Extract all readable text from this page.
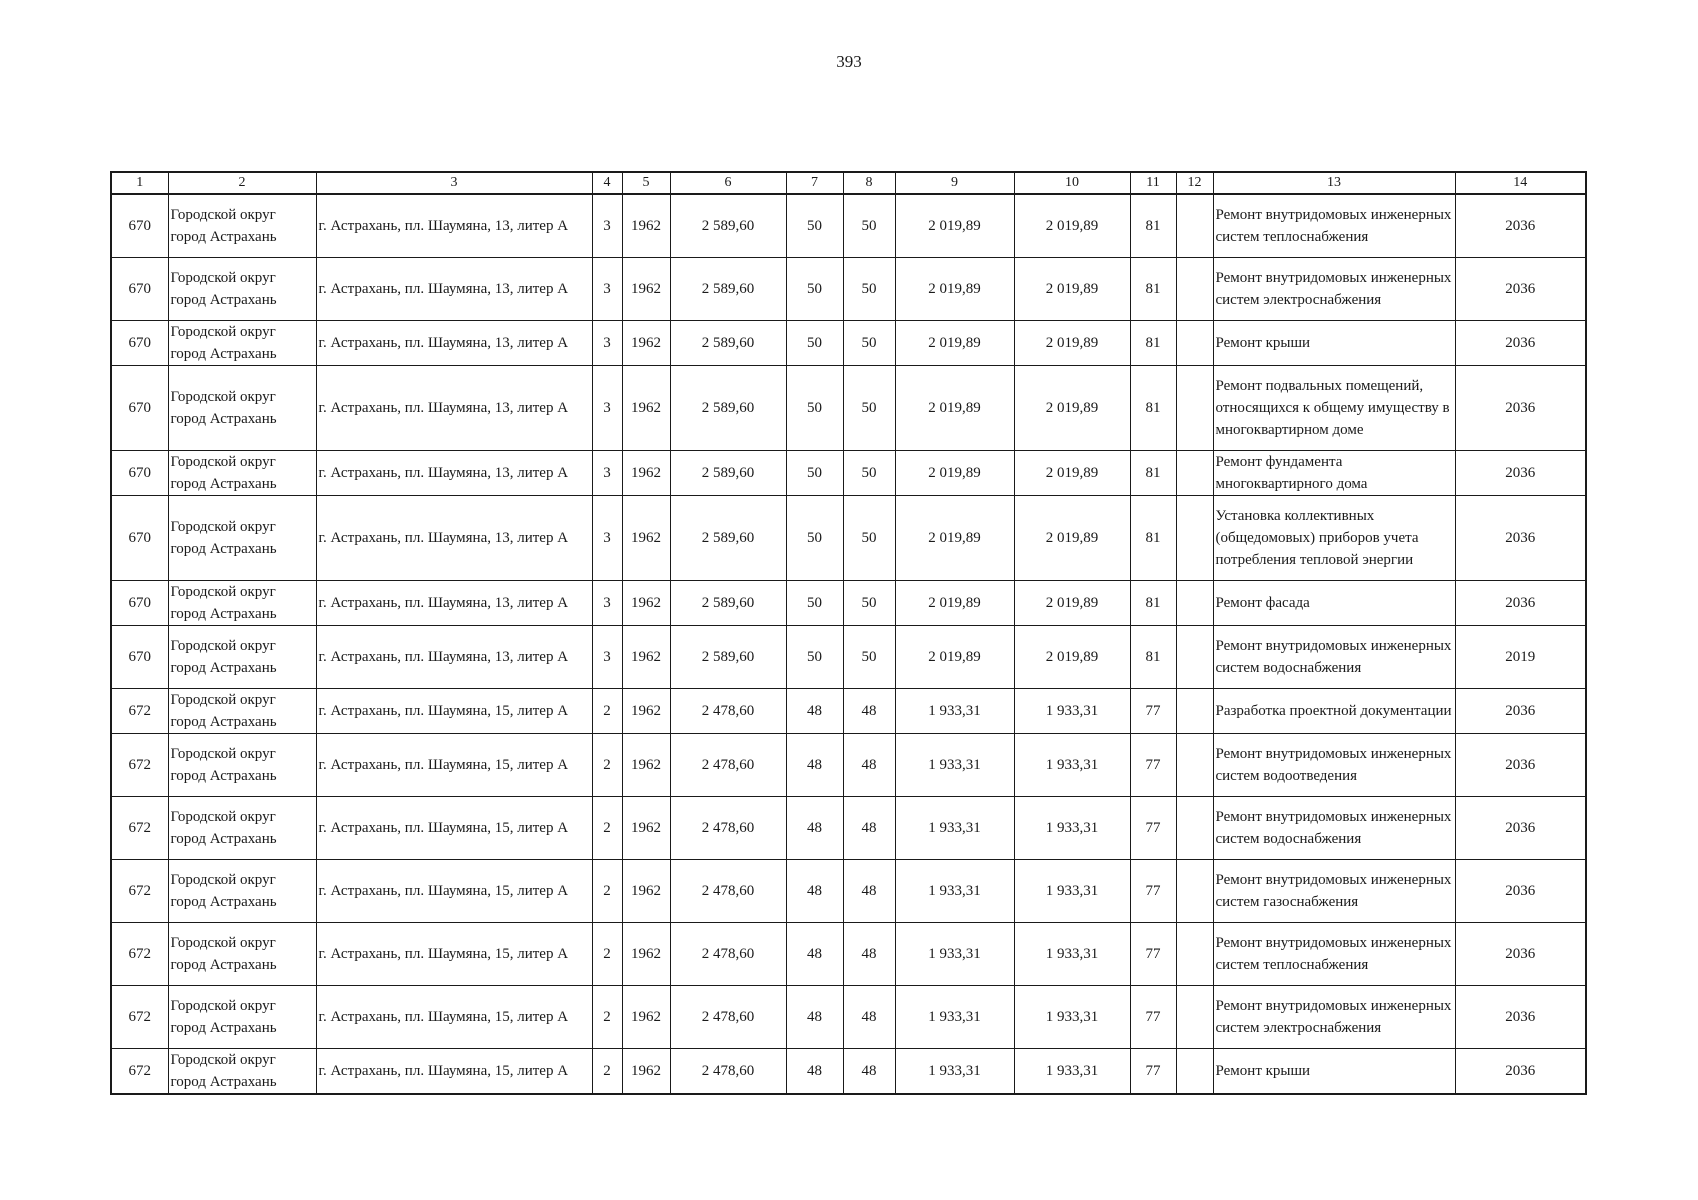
393
1	2	3	4	5	6	7	8	9	10	11	12	13	14
670	Городской округ город Астрахань	г. Астрахань, пл. Шаумяна, 13, литер А	3	1962	2 589,60	50	50	2 019,89	2 019,89	81		Ремонт внутридомовых инженерных систем теплоснабжения	2036
670	Городской округ город Астрахань	г. Астрахань, пл. Шаумяна, 13, литер А	3	1962	2 589,60	50	50	2 019,89	2 019,89	81		Ремонт внутридомовых инженерных систем электроснабжения	2036
670	Городской округ город Астрахань	г. Астрахань, пл. Шаумяна, 13, литер А	3	1962	2 589,60	50	50	2 019,89	2 019,89	81		Ремонт крыши	2036
670	Городской округ город Астрахань	г. Астрахань, пл. Шаумяна, 13, литер А	3	1962	2 589,60	50	50	2 019,89	2 019,89	81		Ремонт подвальных помещений, относящихся к общему имуществу в многоквартирном доме	2036
670	Городской округ город Астрахань	г. Астрахань, пл. Шаумяна, 13, литер А	3	1962	2 589,60	50	50	2 019,89	2 019,89	81		Ремонт фундамента многоквартирного дома	2036
670	Городской округ город Астрахань	г. Астрахань, пл. Шаумяна, 13, литер А	3	1962	2 589,60	50	50	2 019,89	2 019,89	81		Установка коллективных (общедомовых) приборов учета потребления тепловой энергии	2036
670	Городской округ город Астрахань	г. Астрахань, пл. Шаумяна, 13, литер А	3	1962	2 589,60	50	50	2 019,89	2 019,89	81		Ремонт фасада	2036
670	Городской округ город Астрахань	г. Астрахань, пл. Шаумяна, 13, литер А	3	1962	2 589,60	50	50	2 019,89	2 019,89	81		Ремонт внутридомовых инженерных систем водоснабжения	2019
672	Городской округ город Астрахань	г. Астрахань, пл. Шаумяна, 15, литер А	2	1962	2 478,60	48	48	1 933,31	1 933,31	77		Разработка проектной документации	2036
672	Городской округ город Астрахань	г. Астрахань, пл. Шаумяна, 15, литер А	2	1962	2 478,60	48	48	1 933,31	1 933,31	77		Ремонт внутридомовых инженерных систем водоотведения	2036
672	Городской округ город Астрахань	г. Астрахань, пл. Шаумяна, 15, литер А	2	1962	2 478,60	48	48	1 933,31	1 933,31	77		Ремонт внутридомовых инженерных систем водоснабжения	2036
672	Городской округ город Астрахань	г. Астрахань, пл. Шаумяна, 15, литер А	2	1962	2 478,60	48	48	1 933,31	1 933,31	77		Ремонт внутридомовых инженерных систем газоснабжения	2036
672	Городской округ город Астрахань	г. Астрахань, пл. Шаумяна, 15, литер А	2	1962	2 478,60	48	48	1 933,31	1 933,31	77		Ремонт внутридомовых инженерных систем теплоснабжения	2036
672	Городской округ город Астрахань	г. Астрахань, пл. Шаумяна, 15, литер А	2	1962	2 478,60	48	48	1 933,31	1 933,31	77		Ремонт внутридомовых инженерных систем электроснабжения	2036
672	Городской округ город Астрахань	г. Астрахань, пл. Шаумяна, 15, литер А	2	1962	2 478,60	48	48	1 933,31	1 933,31	77		Ремонт крыши	2036
